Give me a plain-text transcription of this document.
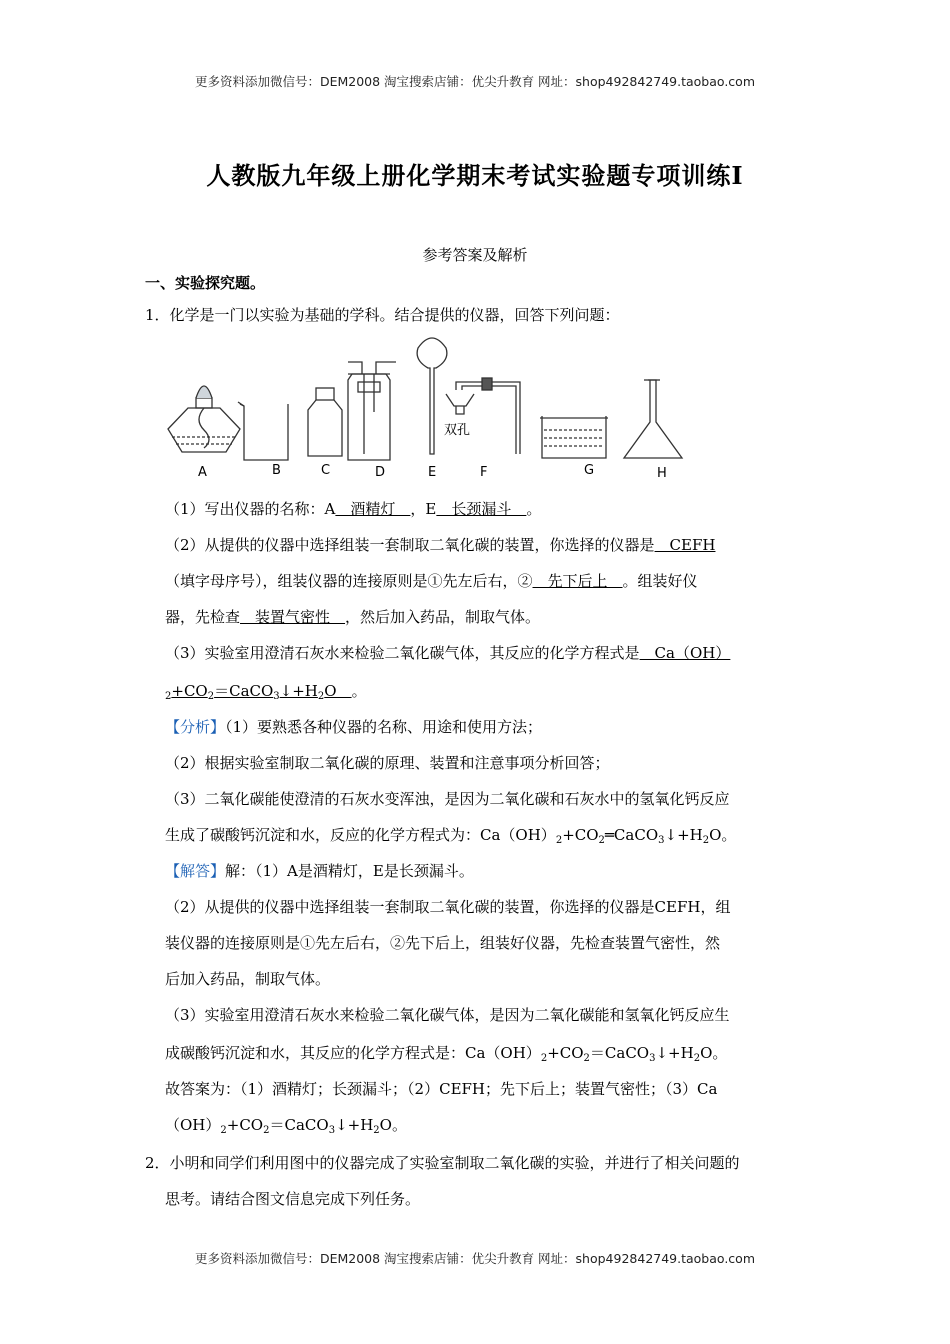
更多资料添加微信号：DEM2008 淘宝搜索店铺：优尖升教育 网址：shop492842749.taobao.com
人教版九年级上册化学期末考试实验题专项训练Ⅰ
参考答案及解析
一、实验探究题。
1．化学是一门以实验为基础的学科。结合提供的仪器，回答下列问题：
A	B	C	D	E	F	G	H
双孔
（1）写出仪器的名称：A　酒精灯　，E　长颈漏斗　。
（2）从提供的仪器中选择组装一套制取二氧化碳的装置，你选择的仪器是　CEFH
（填字母序号），组装仪器的连接原则是①先左后右，②　先下后上　。组装好仪
器，先检查　装置气密性　，然后加入药品，制取气体。
（3）实验室用澄清石灰水来检验二氧化碳气体，其反应的化学方程式是　Ca（OH）
$_2+CO_2=CaCO_3↓+H_2O$　。
【分析】（1）要熟悉各种仪器的名称、用途和使用方法；
（2）根据实验室制取二氧化碳的原理、装置和注意事项分析回答；
（3）二氧化碳能使澄清的石灰水变浑浊，是因为二氧化碳和石灰水中的氢氧化钙反应
生成了碳酸钙沉淀和水，反应的化学方程式为：$Ca(OH)_2+CO_2═CaCO_3↓+H_2O$。
【解答】解：（1）A是酒精灯，E是长颈漏斗。
（2）从提供的仪器中选择组装一套制取二氧化碳的装置，你选择的仪器是CEFH，组
装仪器的连接原则是①先左后右，②先下后上，组装好仪器，先检查装置气密性，然
后加入药品，制取气体。
（3）实验室用澄清石灰水来检验二氧化碳气体，是因为二氧化碳能和氢氧化钙反应生
成碳酸钙沉淀和水，其反应的化学方程式是：$Ca(OH)_2+CO_2=CaCO_3↓+H_2O$。
故答案为：（1）酒精灯；长颈漏斗；（2）CEFH；先下后上；装置气密性；（3）Ca
$(OH)_2+CO_2=CaCO_3↓+H_2O$。
2．小明和同学们利用图中的仪器完成了实验室制取二氧化碳的实验，并进行了相关问题的
思考。请结合图文信息完成下列任务。
更多资料添加微信号：DEM2008 淘宝搜索店铺：优尖升教育 网址：shop492842749.taobao.com
